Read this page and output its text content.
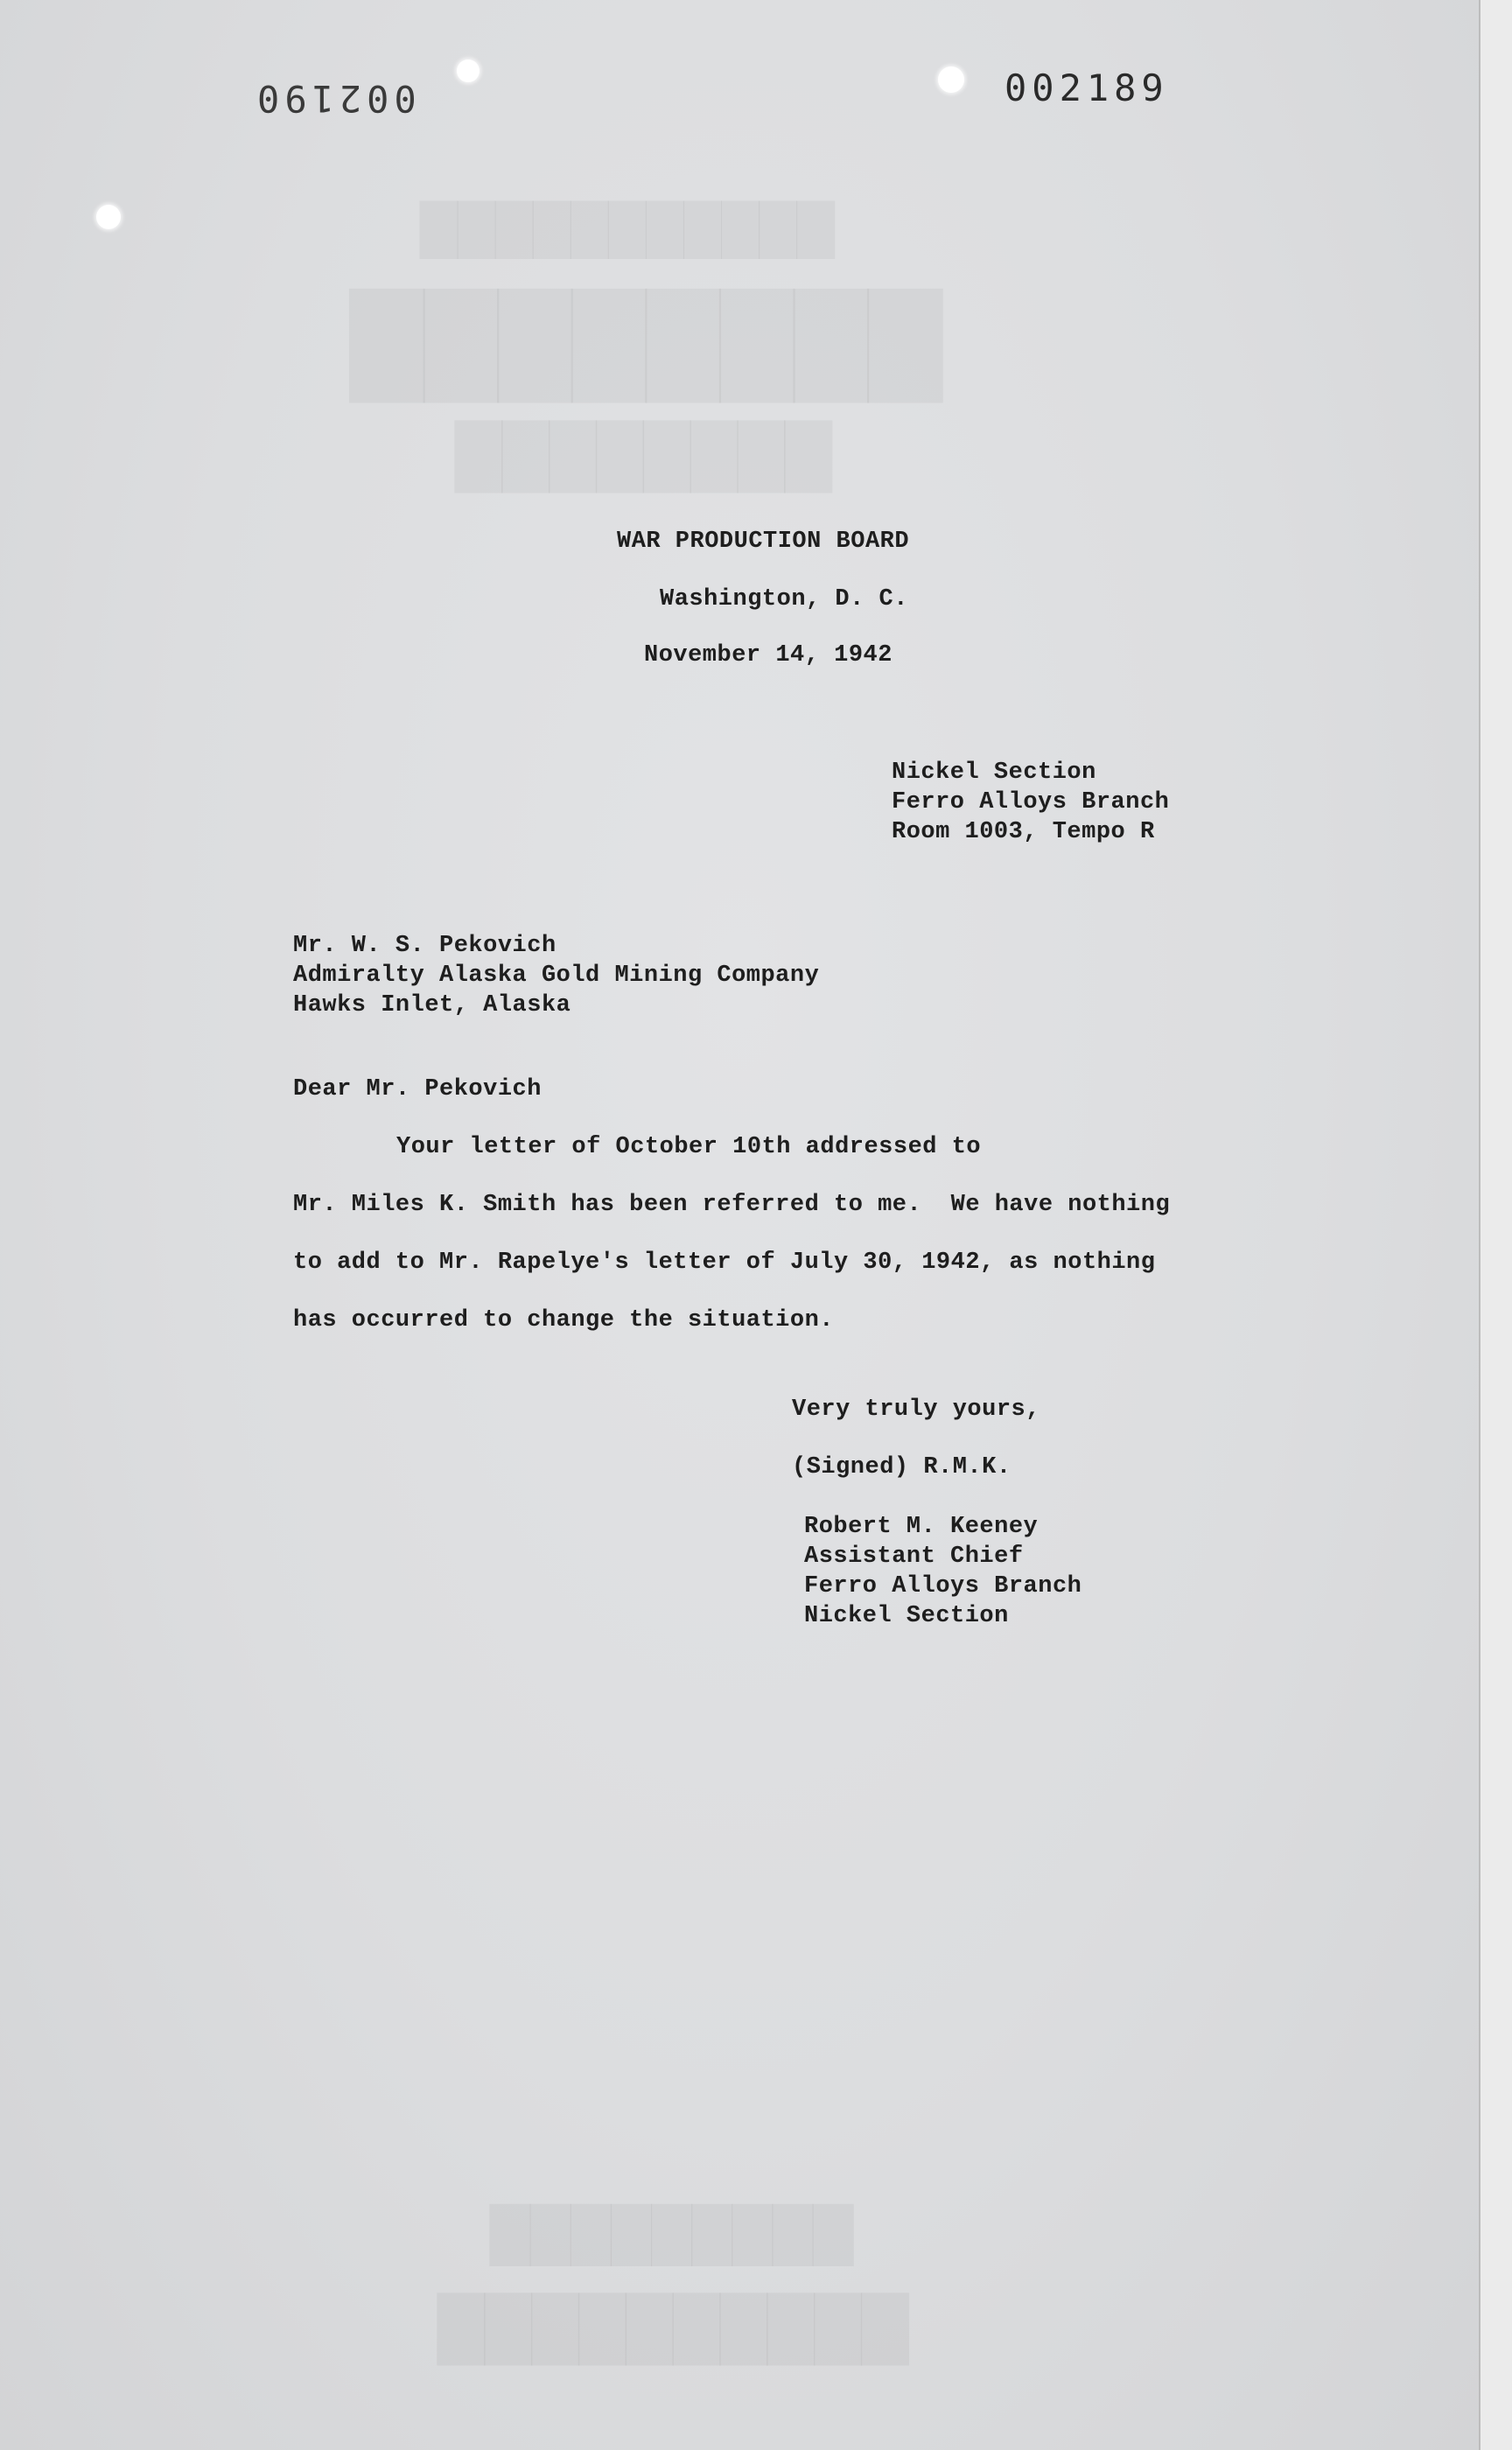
███████████
████████
████████
█████████
██████████
002190	002189
WAR PRODUCTION BOARD
Washington, D. C.
November 14, 1942
Nickel Section
Ferro Alloys Branch
Room 1003, Tempo R
Mr. W. S. Pekovich
Admiralty Alaska Gold Mining Company
Hawks Inlet, Alaska
Dear Mr. Pekovich
Your letter of October 10th addressed to
Mr. Miles K. Smith has been referred to me.  We have nothing
to add to Mr. Rapelye's letter of July 30, 1942, as nothing
has occurred to change the situation.
Very truly yours,
(Signed) R.M.K.
Robert M. Keeney
Assistant Chief
Ferro Alloys Branch
Nickel Section
